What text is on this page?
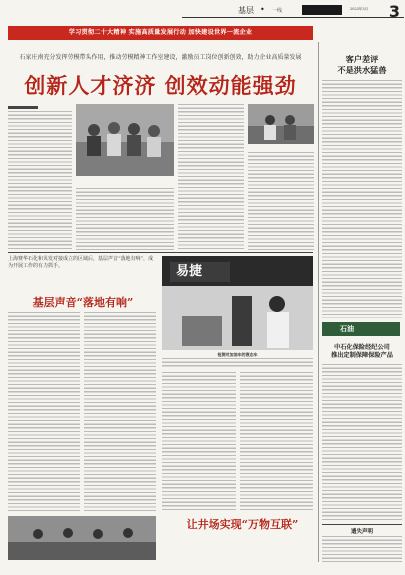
基层 • 一线	2023年3月 3
学习贯彻二十大精神 实施高质量发展行动 加快建设世界一流企业
石家庄南充分发挥劳模带头作用，推动劳模精神工作室建设，激励员工岗位创新创效，助力企业高质量发展
创新人才济济 创效动能强劲

上海赛华石化和贝发对接成立的区域后，基层声音“落地有响”，成为开展工作的有力抓手。
基层声音“落地有响”
易捷
检测对加油车的液态车
让井场实现“万物互联”
客户差评
不是洪水猛兽
石油
中石化保险经纪公司
推出定制保障保险产品
遗失声明
